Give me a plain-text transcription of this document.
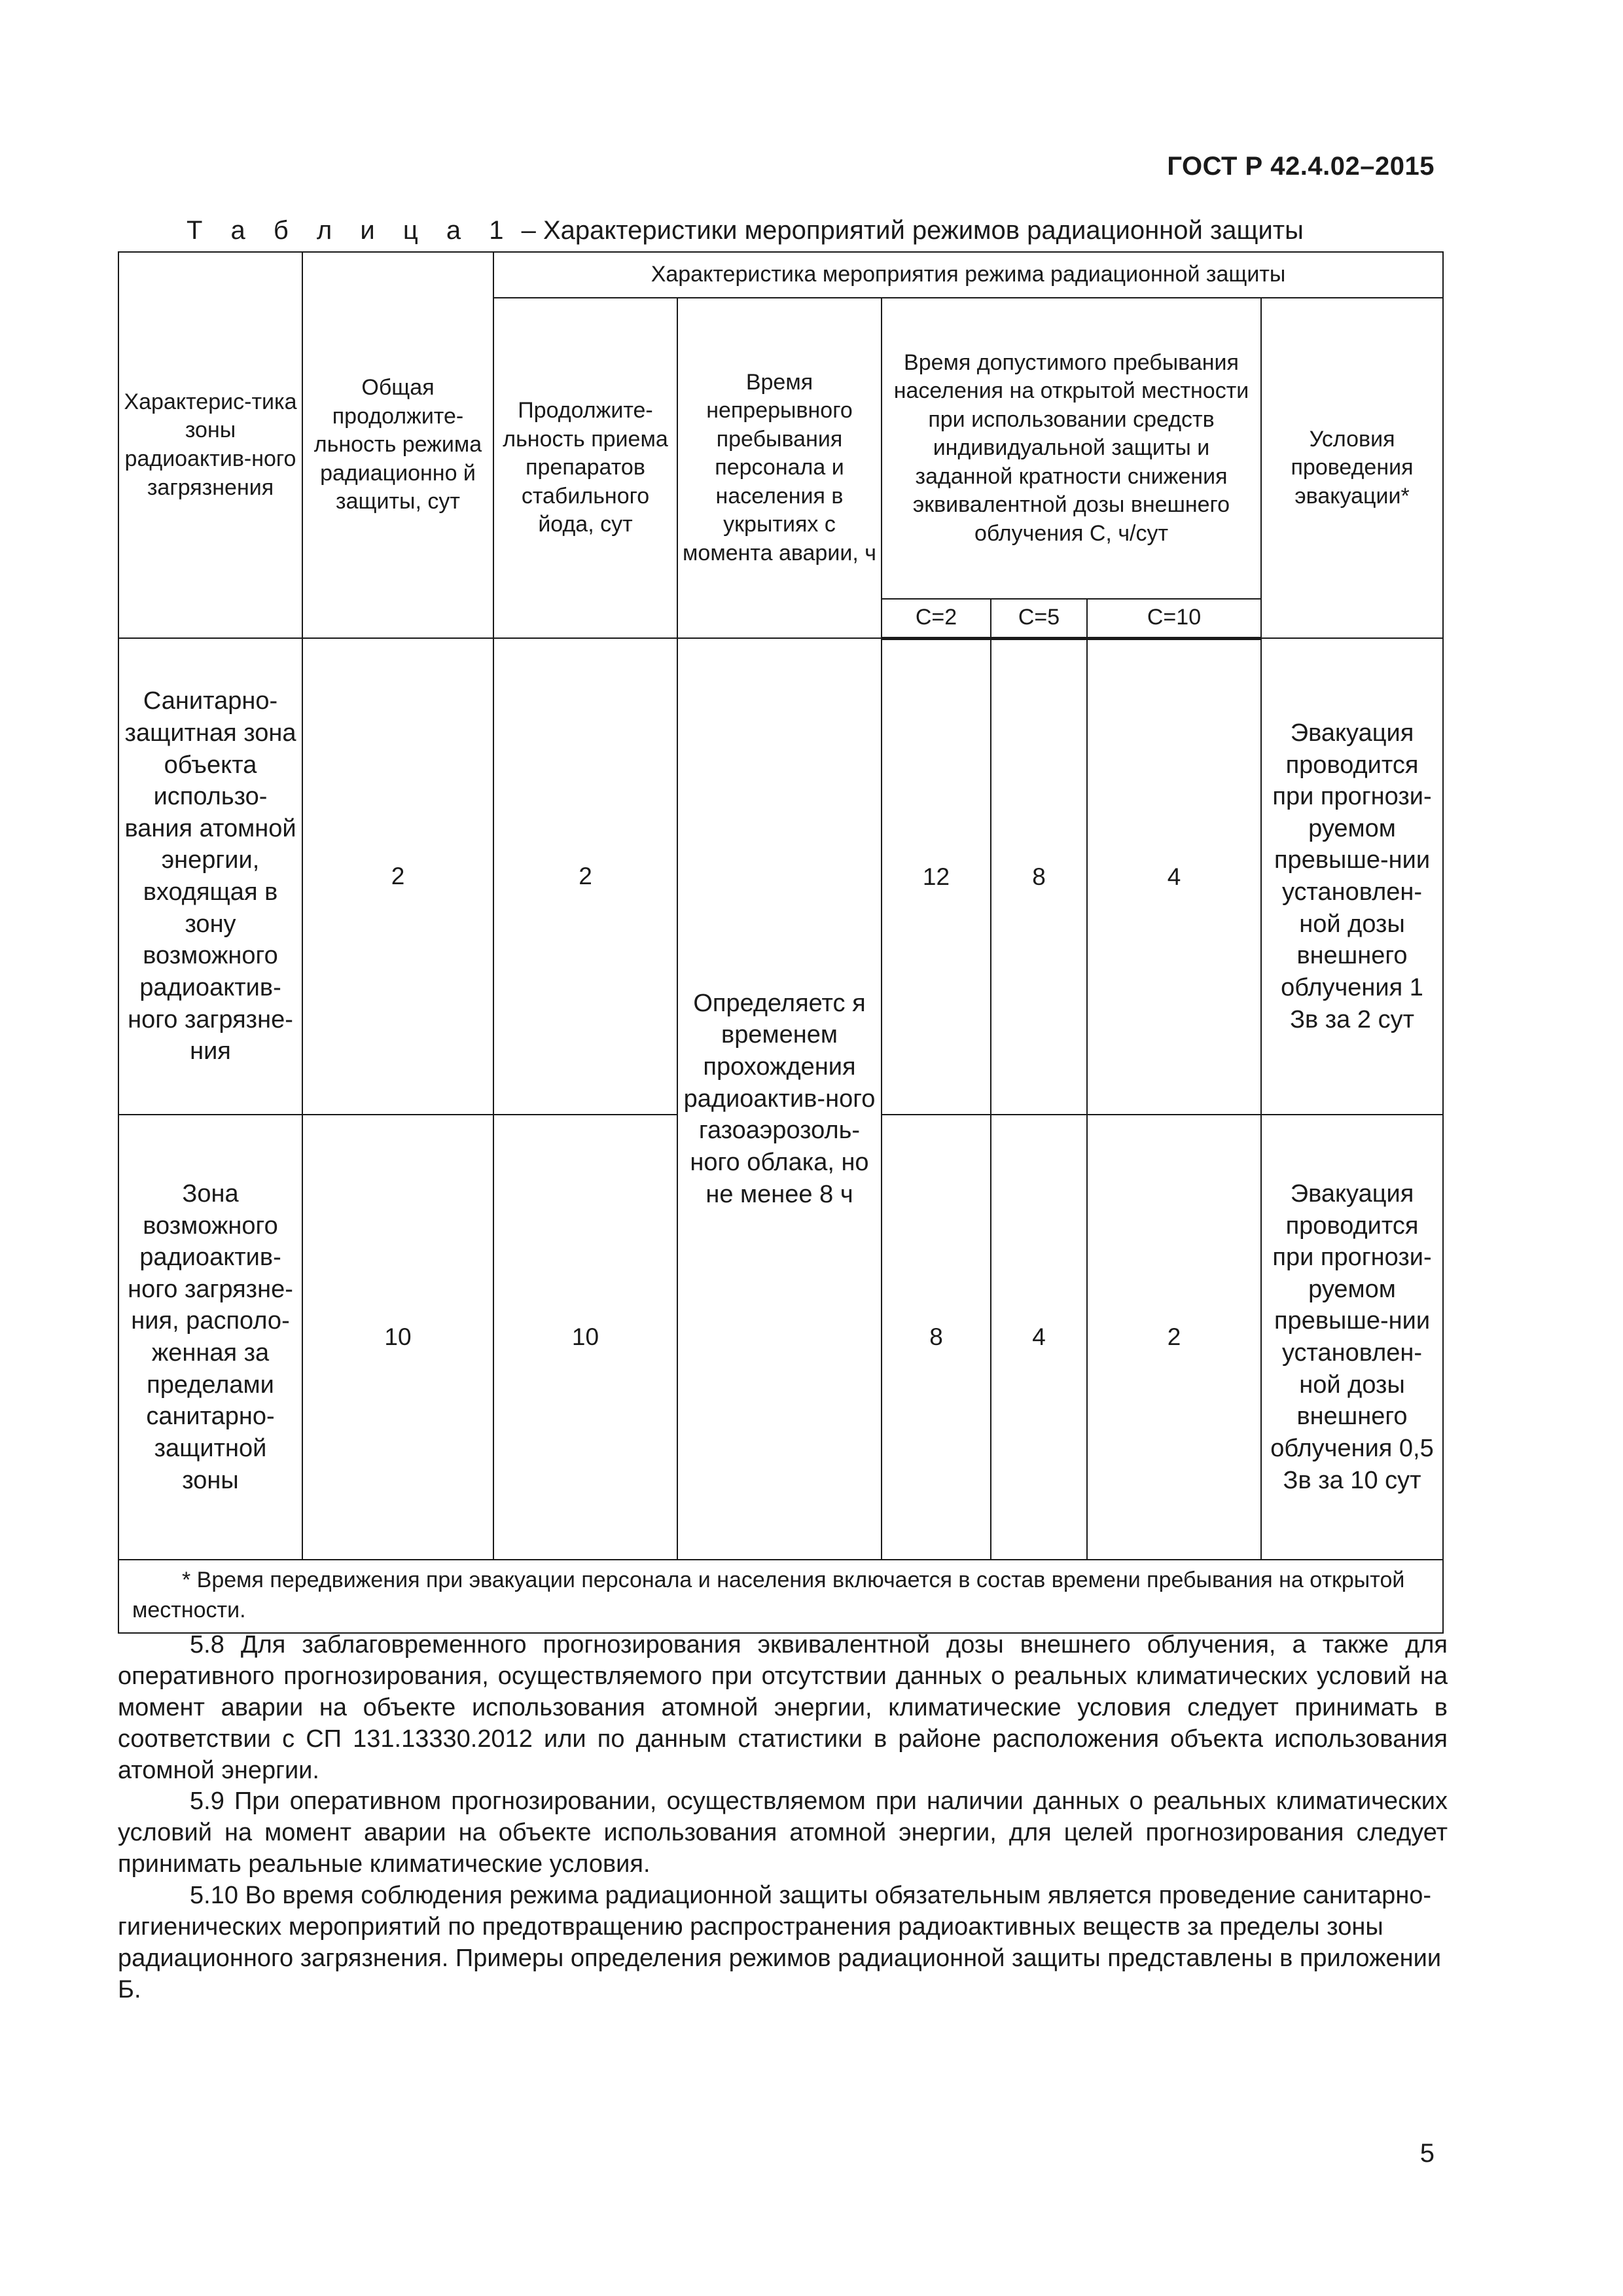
ГОСТ Р 42.4.02–2015
Т а б л и ц а 1 – Характеристики мероприятий режимов радиационной защиты
Характерис-тика зоны радиоактив-ного загрязнения	Общая продолжите-льность режима радиационно й защиты, сут	Характеристика мероприятия режима радиационной защиты					
		Продолжите-льность приема препаратов стабильного йода, сут	Время непрерывного пребывания персонала и населения в укрытиях с момента аварии, ч	Время допустимого пребывания населения на открытой местности при использовании средств индивидуальной защиты и заданной кратности снижения эквивалентной дозы внешнего облучения С, ч/сут			Условия проведения эвакуации*
				C=2	C=5	C=10	
Санитарно-защитная зона объекта использо-вания атомной энергии, входящая в зону возможного радиоактив-ного загрязне-ния	2	2	Определяетс я временем прохождения радиоактив-ного газоаэрозоль-ного облака, но не менее 8 ч	12	8	4	Эвакуация проводится при прогнози-руемом превыше-нии установлен-ной дозы внешнего облучения 1 Зв за 2 сут
Зона возможного радиоактив-ного загрязне-ния, располо-женная за пределами санитарно-защитной зоны	10	10		8	4	2	Эвакуация проводится при прогнози-руемом превыше-нии установлен-ной дозы внешнего облучения 0,5 Зв за 10 сут
* Время передвижения при эвакуации персонала и населения включается в состав времени пребывания на открытой местности.							

5.8 Для заблаговременного прогнозирования эквивалентной дозы внешнего облучения, а также для оперативного прогнозирования, осуществляемого при отсутствии данных о реальных климатических условий на момент аварии на объекте использования атомной энергии, климатические условия следует принимать в соответствии с СП 131.13330.2012 или по данным статистики в районе расположения объекта использования атомной энергии.

5.9 При оперативном прогнозировании, осуществляемом при наличии данных о реальных климатических условий на момент аварии на объекте использования атомной энергии, для целей прогнозирования следует принимать реальные климатические условия.

5.10 Во время соблюдения режима радиационной защиты обязательным является проведение санитарно-гигиенических мероприятий по предотвращению распространения радиоактивных веществ за пределы зоны радиационного загрязнения. Примеры определения режимов радиационной защиты представлены в приложении Б.

5
